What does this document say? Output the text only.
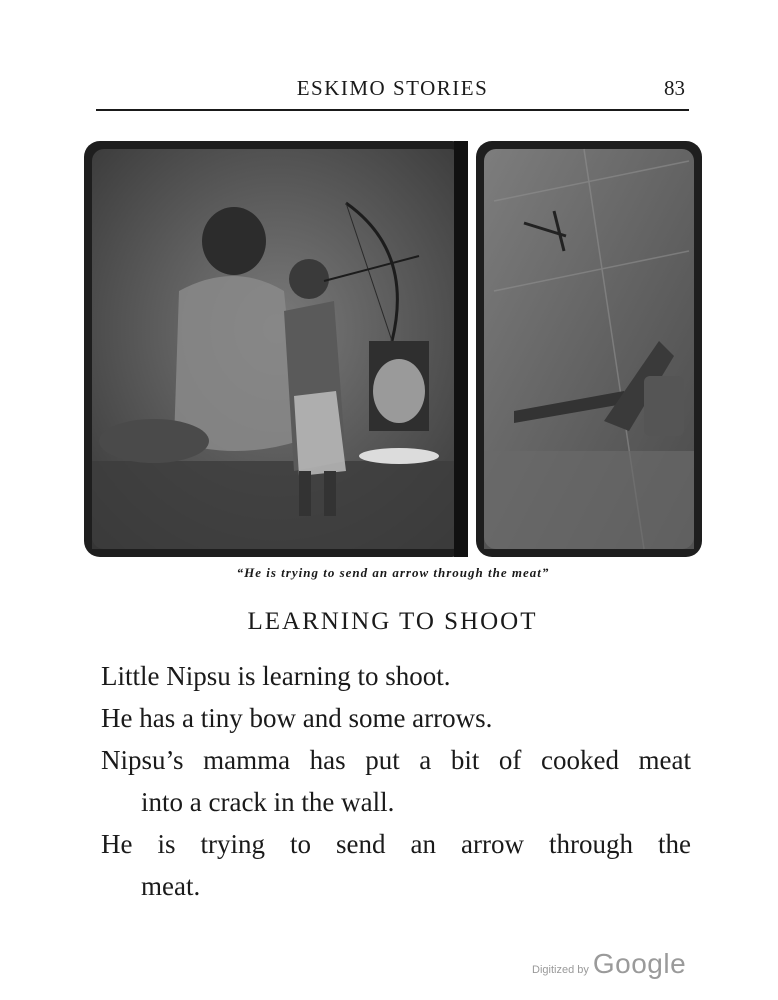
ESKIMO STORIES	83
“He is trying to send an arrow through the meat”
LEARNING TO SHOOT
Little Nipsu is learning to shoot.
He has a tiny bow and some arrows.
Nipsu’s mamma has put a bit of cooked meat
into a crack in the wall.
He is trying to send an arrow through the
meat.
Digitized by Google
